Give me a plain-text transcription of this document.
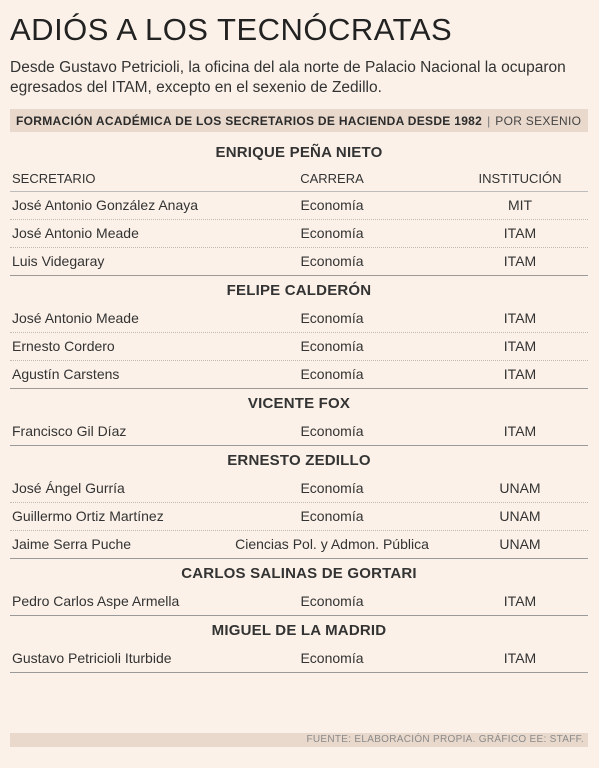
ADIÓS A LOS TECNÓCRATAS
Desde Gustavo Petricioli, la oficina del ala norte de Palacio Nacional la ocuparon egresados del ITAM, excepto en el sexenio de Zedillo.
FORMACIÓN ACADÉMICA DE LOS SECRETARIOS DE HACIENDA DESDE 1982 | POR SEXENIO
ENRIQUE PEÑA NIETO
SECRETARIO	CARRERA	INSTITUCIÓN
José Antonio González Anaya	Economía	MIT
José Antonio Meade	Economía	ITAM
Luis Videgaray	Economía	ITAM
FELIPE CALDERÓN
José Antonio Meade	Economía	ITAM
Ernesto Cordero	Economía	ITAM
Agustín Carstens	Economía	ITAM
VICENTE FOX
Francisco Gil Díaz	Economía	ITAM
ERNESTO ZEDILLO
José Ángel Gurría	Economía	UNAM
Guillermo Ortiz Martínez	Economía	UNAM
Jaime Serra Puche	Ciencias Pol. y Admon. Pública	UNAM
CARLOS SALINAS DE GORTARI
Pedro Carlos Aspe Armella	Economía	ITAM
MIGUEL DE LA MADRID
Gustavo Petricioli Iturbide	Economía	ITAM
FUENTE: ELABORACIÓN PROPIA. GRÁFICO EE: STAFF.
